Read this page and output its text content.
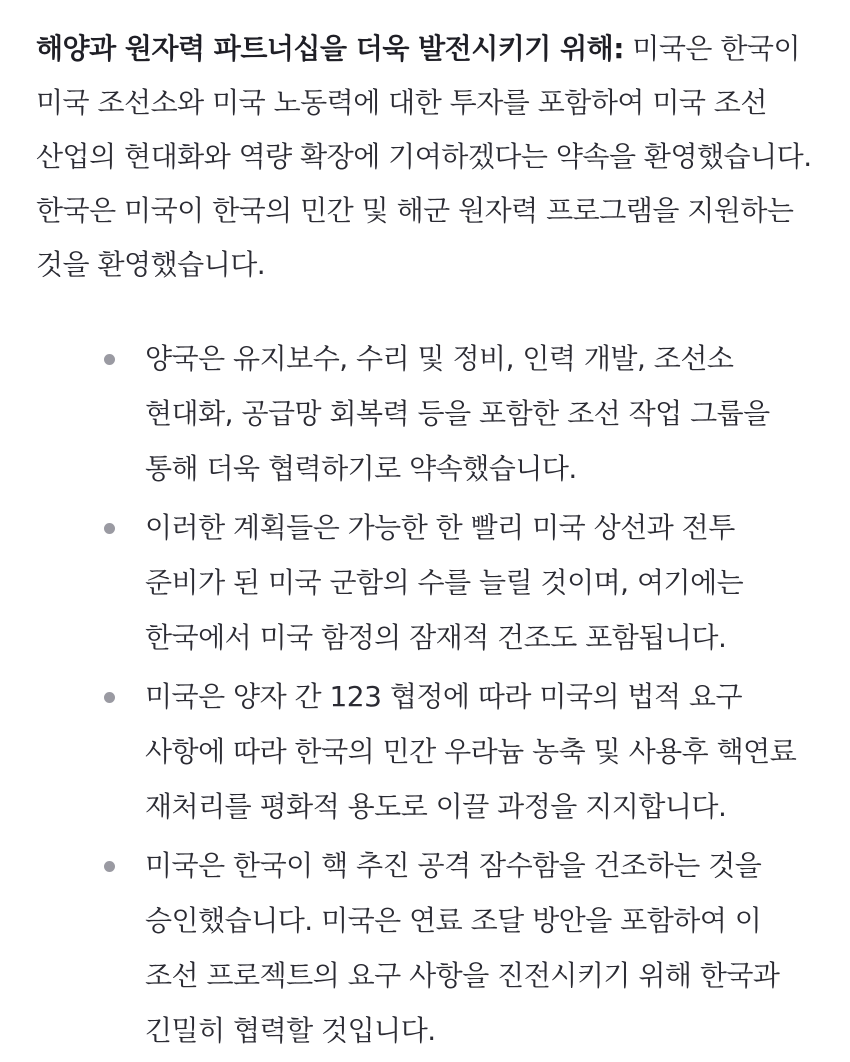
해양과 원자력 파트너십을 더욱 발전시키기 위해: 미국은 한국이 미국 조선소와 미국 노동력에 대한 투자를 포함하여 미국 조선 산업의 현대화와 역량 확장에 기여하겠다는 약속을 환영했습니다. 한국은 미국이 한국의 민간 및 해군 원자력 프로그램을 지원하는 것을 환영했습니다.

양국은 유지보수, 수리 및 정비, 인력 개발, 조선소 현대화, 공급망 회복력 등을 포함한 조선 작업 그룹을 통해 더욱 협력하기로 약속했습니다.
이러한 계획들은 가능한 한 빨리 미국 상선과 전투 준비가 된 미국 군함의 수를 늘릴 것이며, 여기에는 한국에서 미국 함정의 잠재적 건조도 포함됩니다.
미국은 양자 간 123 협정에 따라 미국의 법적 요구 사항에 따라 한국의 민간 우라늄 농축 및 사용후 핵연료 재처리를 평화적 용도로 이끌 과정을 지지합니다.
미국은 한국이 핵 추진 공격 잠수함을 건조하는 것을 승인했습니다. 미국은 연료 조달 방안을 포함하여 이 조선 프로젝트의 요구 사항을 진전시키기 위해 한국과 긴밀히 협력할 것입니다.
